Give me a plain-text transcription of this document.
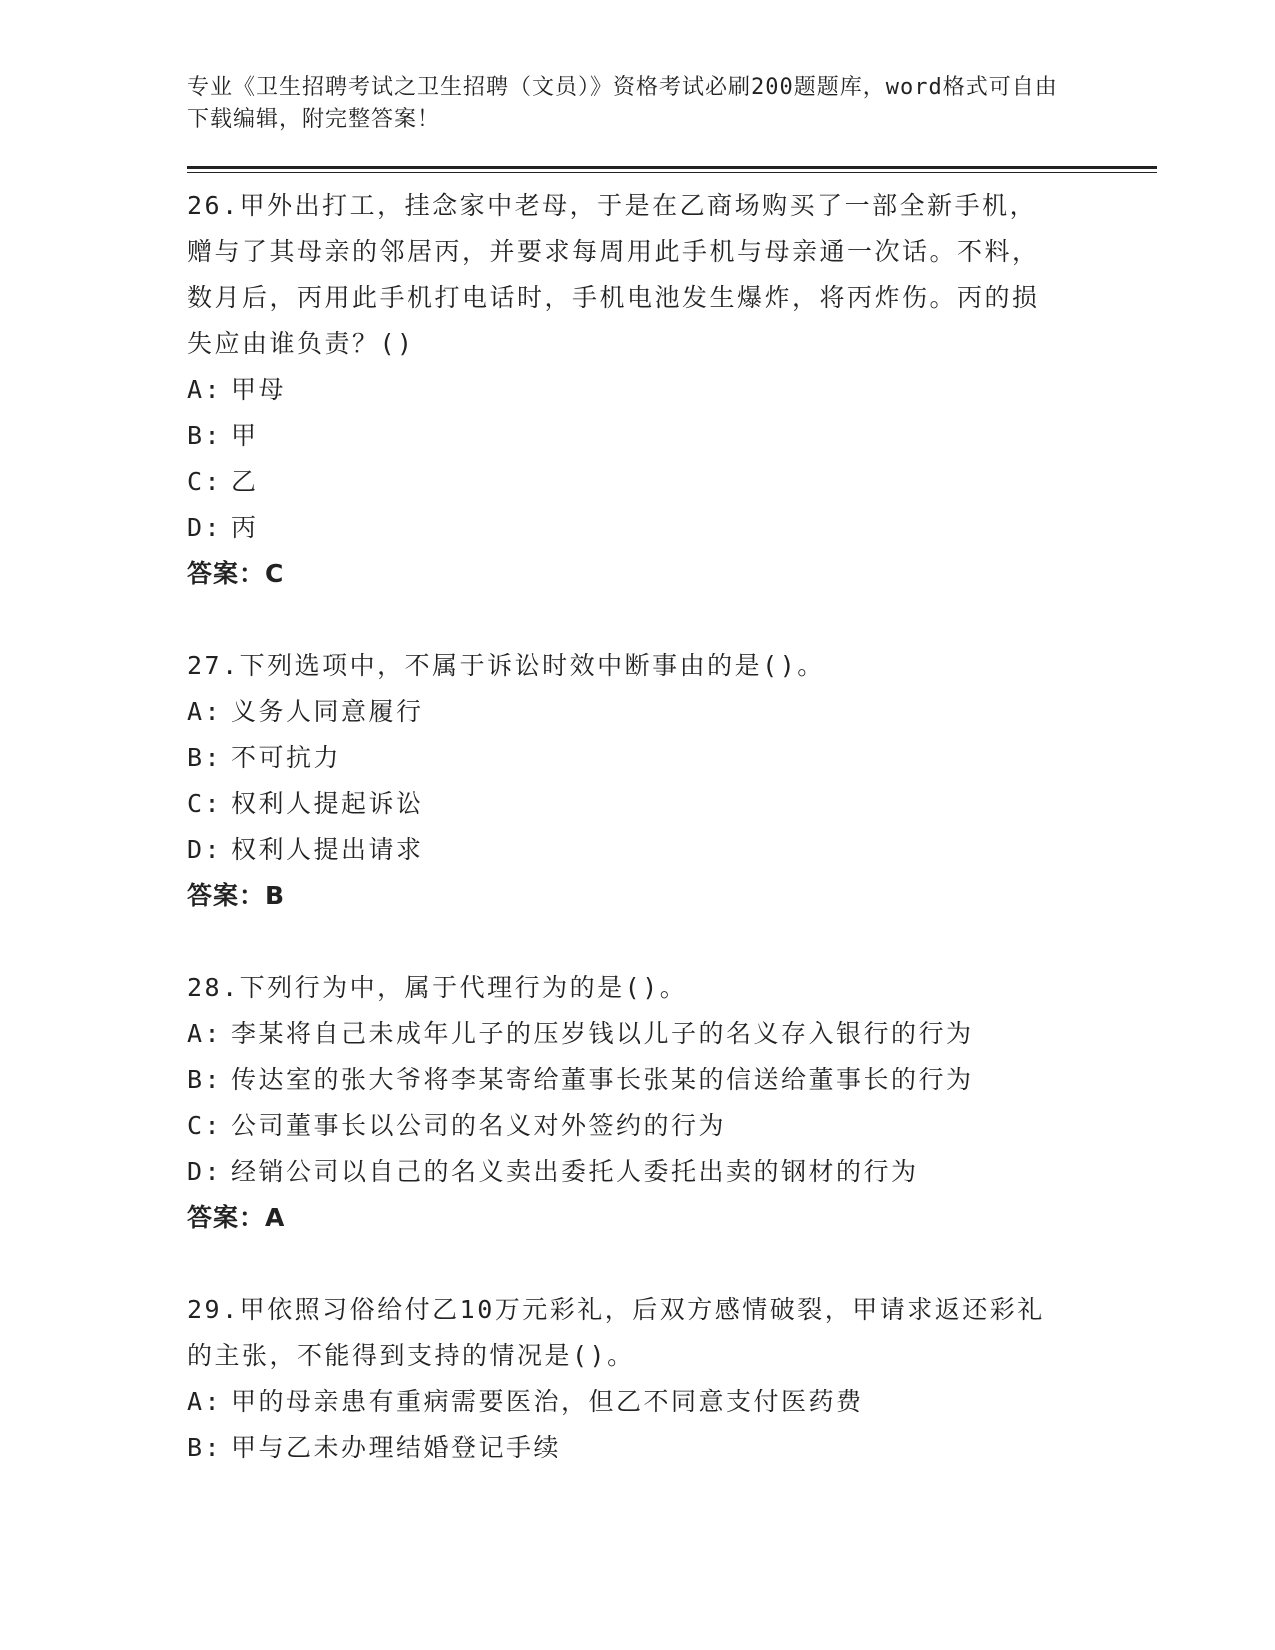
专业《卫生招聘考试之卫生招聘（文员）》资格考试必刷200题题库，word格式可自由下载编辑，附完整答案！
26.甲外出打工，挂念家中老母，于是在乙商场购买了一部全新手机，赠与了其母亲的邻居丙，并要求每周用此手机与母亲通一次话。不料，数月后，丙用此手机打电话时，手机电池发生爆炸，将丙炸伤。丙的损失应由谁负责？()
A: 甲母
B: 甲
C: 乙
D: 丙
答案：C
27.下列选项中，不属于诉讼时效中断事由的是()。
A: 义务人同意履行
B: 不可抗力
C: 权利人提起诉讼
D: 权利人提出请求
答案：B
28.下列行为中，属于代理行为的是()。
A: 李某将自己未成年儿子的压岁钱以儿子的名义存入银行的行为
B: 传达室的张大爷将李某寄给董事长张某的信送给董事长的行为
C: 公司董事长以公司的名义对外签约的行为
D: 经销公司以自己的名义卖出委托人委托出卖的钢材的行为
答案：A
29.甲依照习俗给付乙10万元彩礼，后双方感情破裂，甲请求返还彩礼的主张，不能得到支持的情况是()。
A: 甲的母亲患有重病需要医治，但乙不同意支付医药费
B: 甲与乙未办理结婚登记手续
